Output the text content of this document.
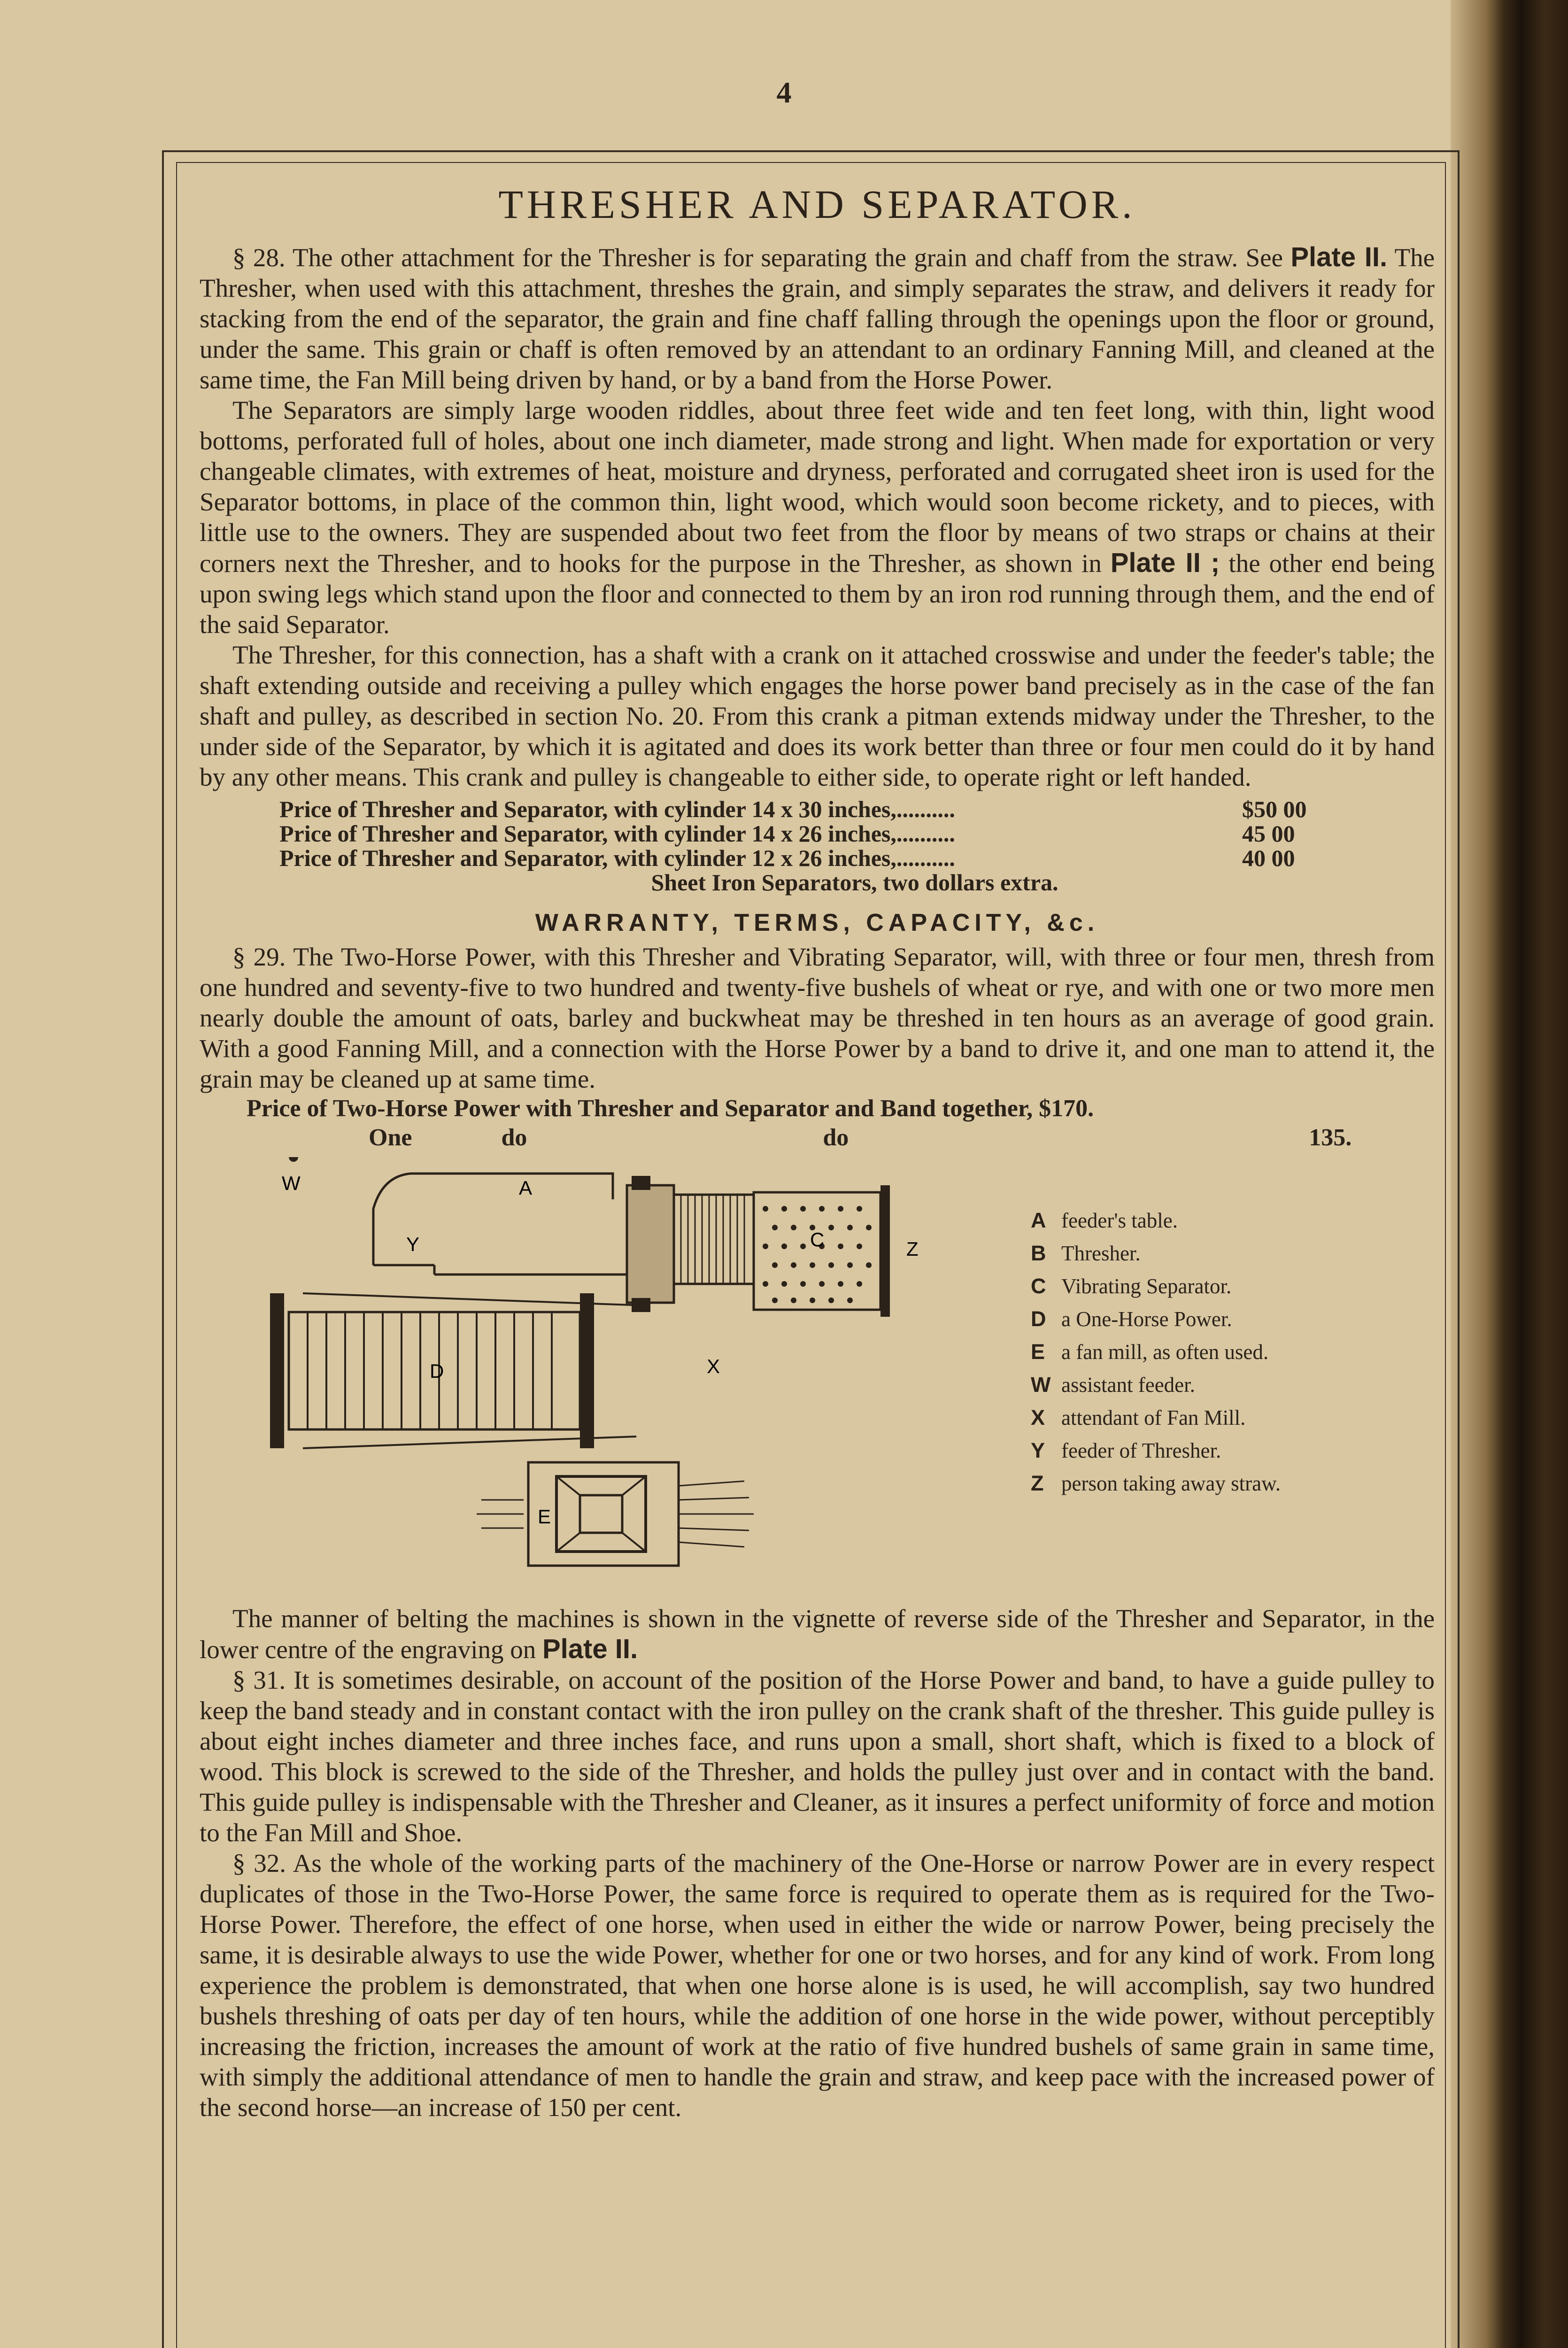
4
THRESHER AND SEPARATOR.

§ 28. The other attachment for the Thresher is for separating the grain and chaff from the straw. See Plate II. The Thresher, when used with this attachment, threshes the grain, and simply separates the straw, and delivers it ready for stacking from the end of the separator, the grain and fine chaff falling through the openings upon the floor or ground, under the same. This grain or chaff is often removed by an attendant to an ordinary Fanning Mill, and cleaned at the same time, the Fan Mill being driven by hand, or by a band from the Horse Power.

The Separators are simply large wooden riddles, about three feet wide and ten feet long, with thin, light wood bottoms, perforated full of holes, about one inch diameter, made strong and light. When made for exportation or very changeable climates, with extremes of heat, moisture and dryness, perforated and corrugated sheet iron is used for the Separator bottoms, in place of the common thin, light wood, which would soon become rickety, and to pieces, with little use to the owners. They are suspended about two feet from the floor by means of two straps or chains at their corners next the Thresher, and to hooks for the purpose in the Thresher, as shown in Plate II ; the other end being upon swing legs which stand upon the floor and connected to them by an iron rod running through them, and the end of the said Separator.

The Thresher, for this connection, has a shaft with a crank on it attached crosswise and under the feeder's table; the shaft extending outside and receiving a pulley which engages the horse power band precisely as in the case of the fan shaft and pulley, as described in section No. 20. From this crank a pitman extends midway under the Thresher, to the under side of the Separator, by which it is agitated and does its work better than three or four men could do it by hand by any other means. This crank and pulley is changeable to either side, to operate right or left handed.

Price of Thresher and Separator, with cylinder 14 x 30 inches,..........	$50 00
Price of Thresher and Separator, with cylinder 14 x 26 inches,..........	45 00
Price of Thresher and Separator, with cylinder 12 x 26 inches,..........	40 00
Sheet Iron Separators, two dollars extra.
WARRANTY, TERMS, CAPACITY, &c.

§ 29. The Two-Horse Power, with this Thresher and Vibrating Separator, will, with three or four men, thresh from one hundred and seventy-five to two hundred and twenty-five bushels of wheat or rye, and with one or two more men nearly double the amount of oats, barley and buckwheat may be threshed in ten hours as an average of good grain. With a good Fanning Mill, and a connection with the Horse Power by a band to drive it, and one man to attend it, the grain may be cleaned up at same time.

Price of Two-Horse Power with Thresher and Separator and Band together, $170.
One	do	do	135.
W	A
Y	C	Z
D	X
E
A feeder's table.
B Thresher.
C Vibrating Separator.
D a One-Horse Power.
E a fan mill, as often used.
W assistant feeder.
X attendant of Fan Mill.
Y feeder of Thresher.
Z person taking away straw.

The manner of belting the machines is shown in the vignette of reverse side of the Thresher and Separator, in the lower centre of the engraving on Plate II.

§ 31. It is sometimes desirable, on account of the position of the Horse Power and band, to have a guide pulley to keep the band steady and in constant contact with the iron pulley on the crank shaft of the thresher. This guide pulley is about eight inches diameter and three inches face, and runs upon a small, short shaft, which is fixed to a block of wood. This block is screwed to the side of the Thresher, and holds the pulley just over and in contact with the band. This guide pulley is indispensable with the Thresher and Cleaner, as it insures a perfect uniformity of force and motion to the Fan Mill and Shoe.

§ 32. As the whole of the working parts of the machinery of the One-Horse or narrow Power are in every respect duplicates of those in the Two-Horse Power, the same force is required to operate them as is required for the Two-Horse Power. Therefore, the effect of one horse, when used in either the wide or narrow Power, being precisely the same, it is desirable always to use the wide Power, whether for one or two horses, and for any kind of work. From long experience the problem is demonstrated, that when one horse alone is is used, he will accomplish, say two hundred bushels threshing of oats per day of ten hours, while the addition of one horse in the wide power, without perceptibly increasing the friction, increases the amount of work at the ratio of five hundred bushels of same grain in same time, with simply the additional attendance of men to handle the grain and straw, and keep pace with the increased power of the second horse—an increase of 150 per cent.
